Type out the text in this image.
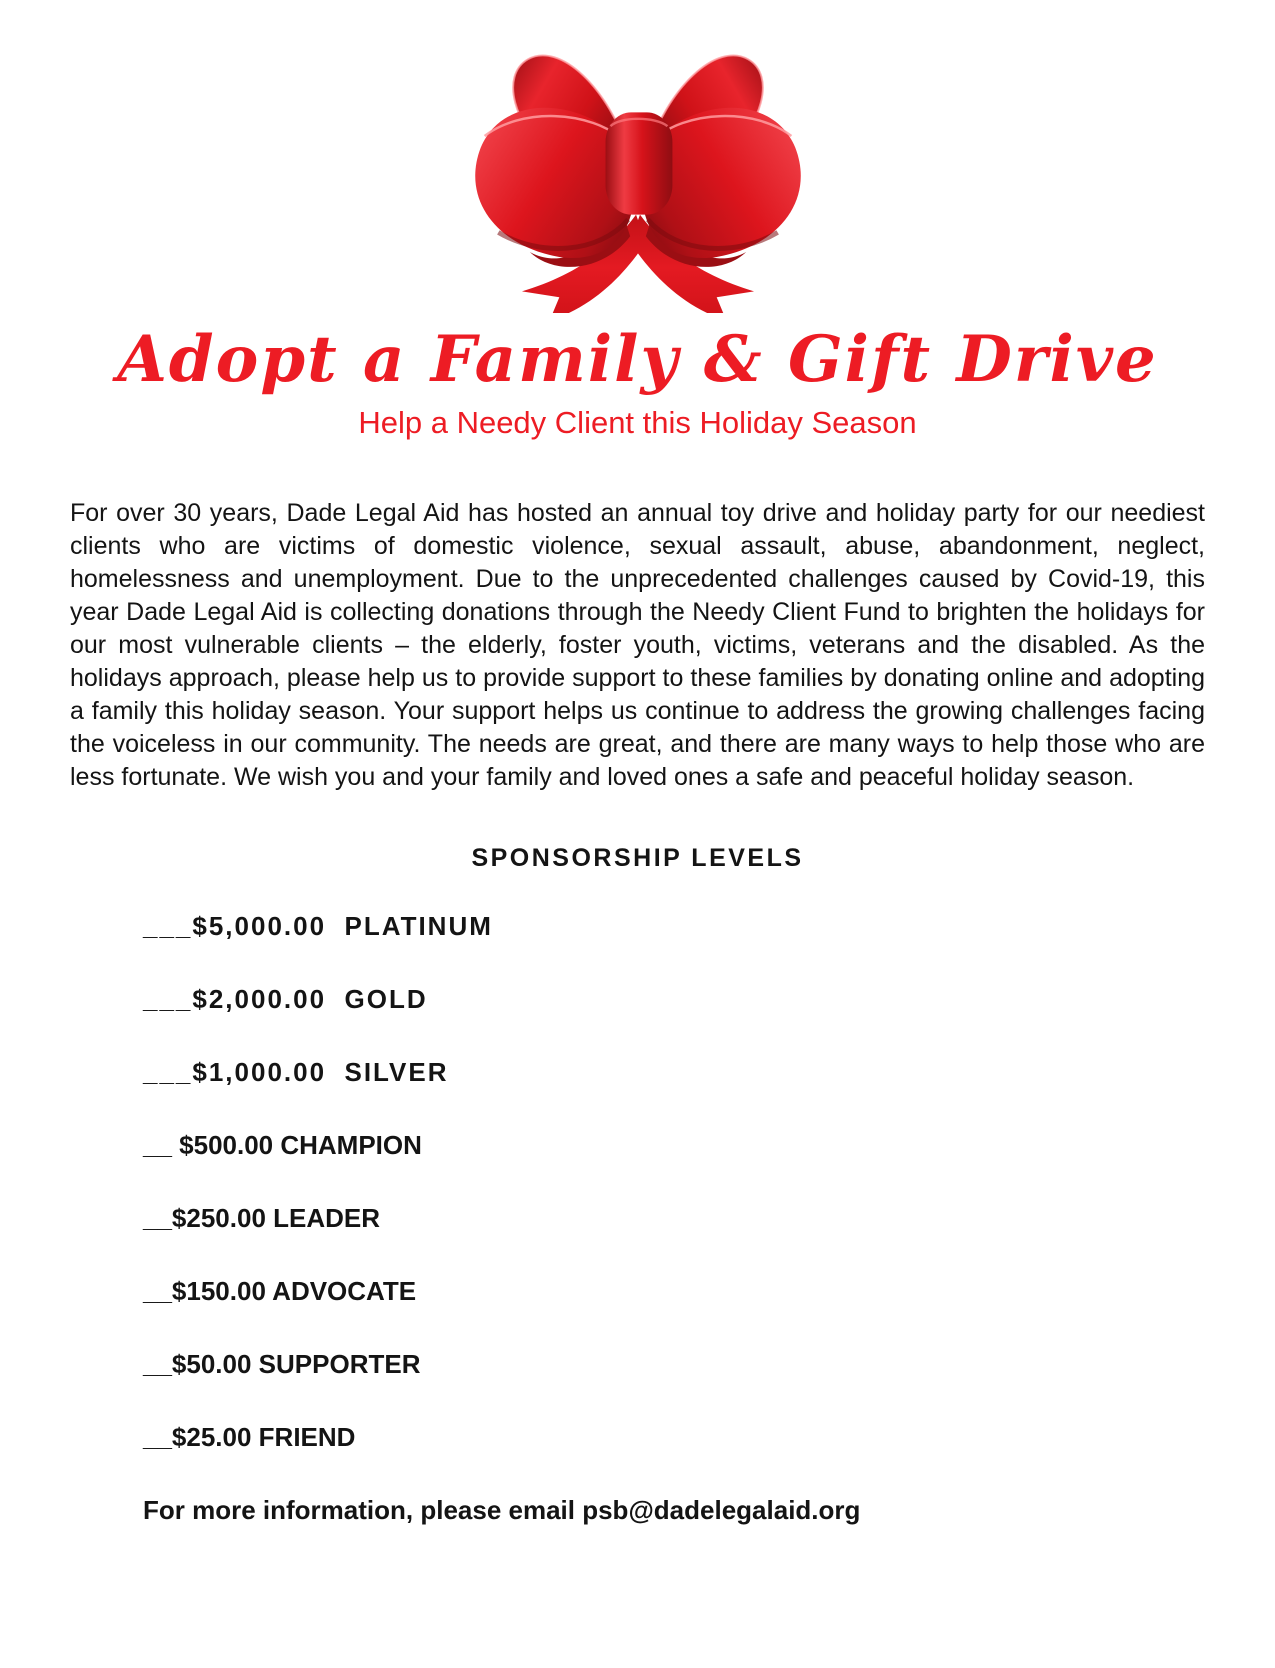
Adopt a Family & Gift Drive
Help a Needy Client this Holiday Season

For over 30 years, Dade Legal Aid has hosted an annual toy drive and holiday party for our neediest clients who are victims of domestic violence, sexual assault, abuse, abandonment, neglect, homelessness and unemployment. Due to the unprecedented challenges caused by Covid-19, this year Dade Legal Aid is collecting donations through the Needy Client Fund to brighten the holidays for our most vulnerable clients – the elderly, foster youth, victims, veterans and the disabled. As the holidays approach, please help us to provide support to these families by donating online and adopting a family this holiday season. Your support helps us continue to address the growing challenges facing the voiceless in our community. The needs are great, and there are many ways to help those who are less fortunate. We wish you and your family and loved ones a safe and peaceful holiday season.

SPONSORSHIP LEVELS
___$5,000.00  PLATINUM
___$2,000.00  GOLD
___$1,000.00  SILVER
__ $500.00 CHAMPION
__$250.00 LEADER
__$150.00 ADVOCATE
__$50.00 SUPPORTER
__$25.00 FRIEND
For more information, please email psb@dadelegalaid.org
